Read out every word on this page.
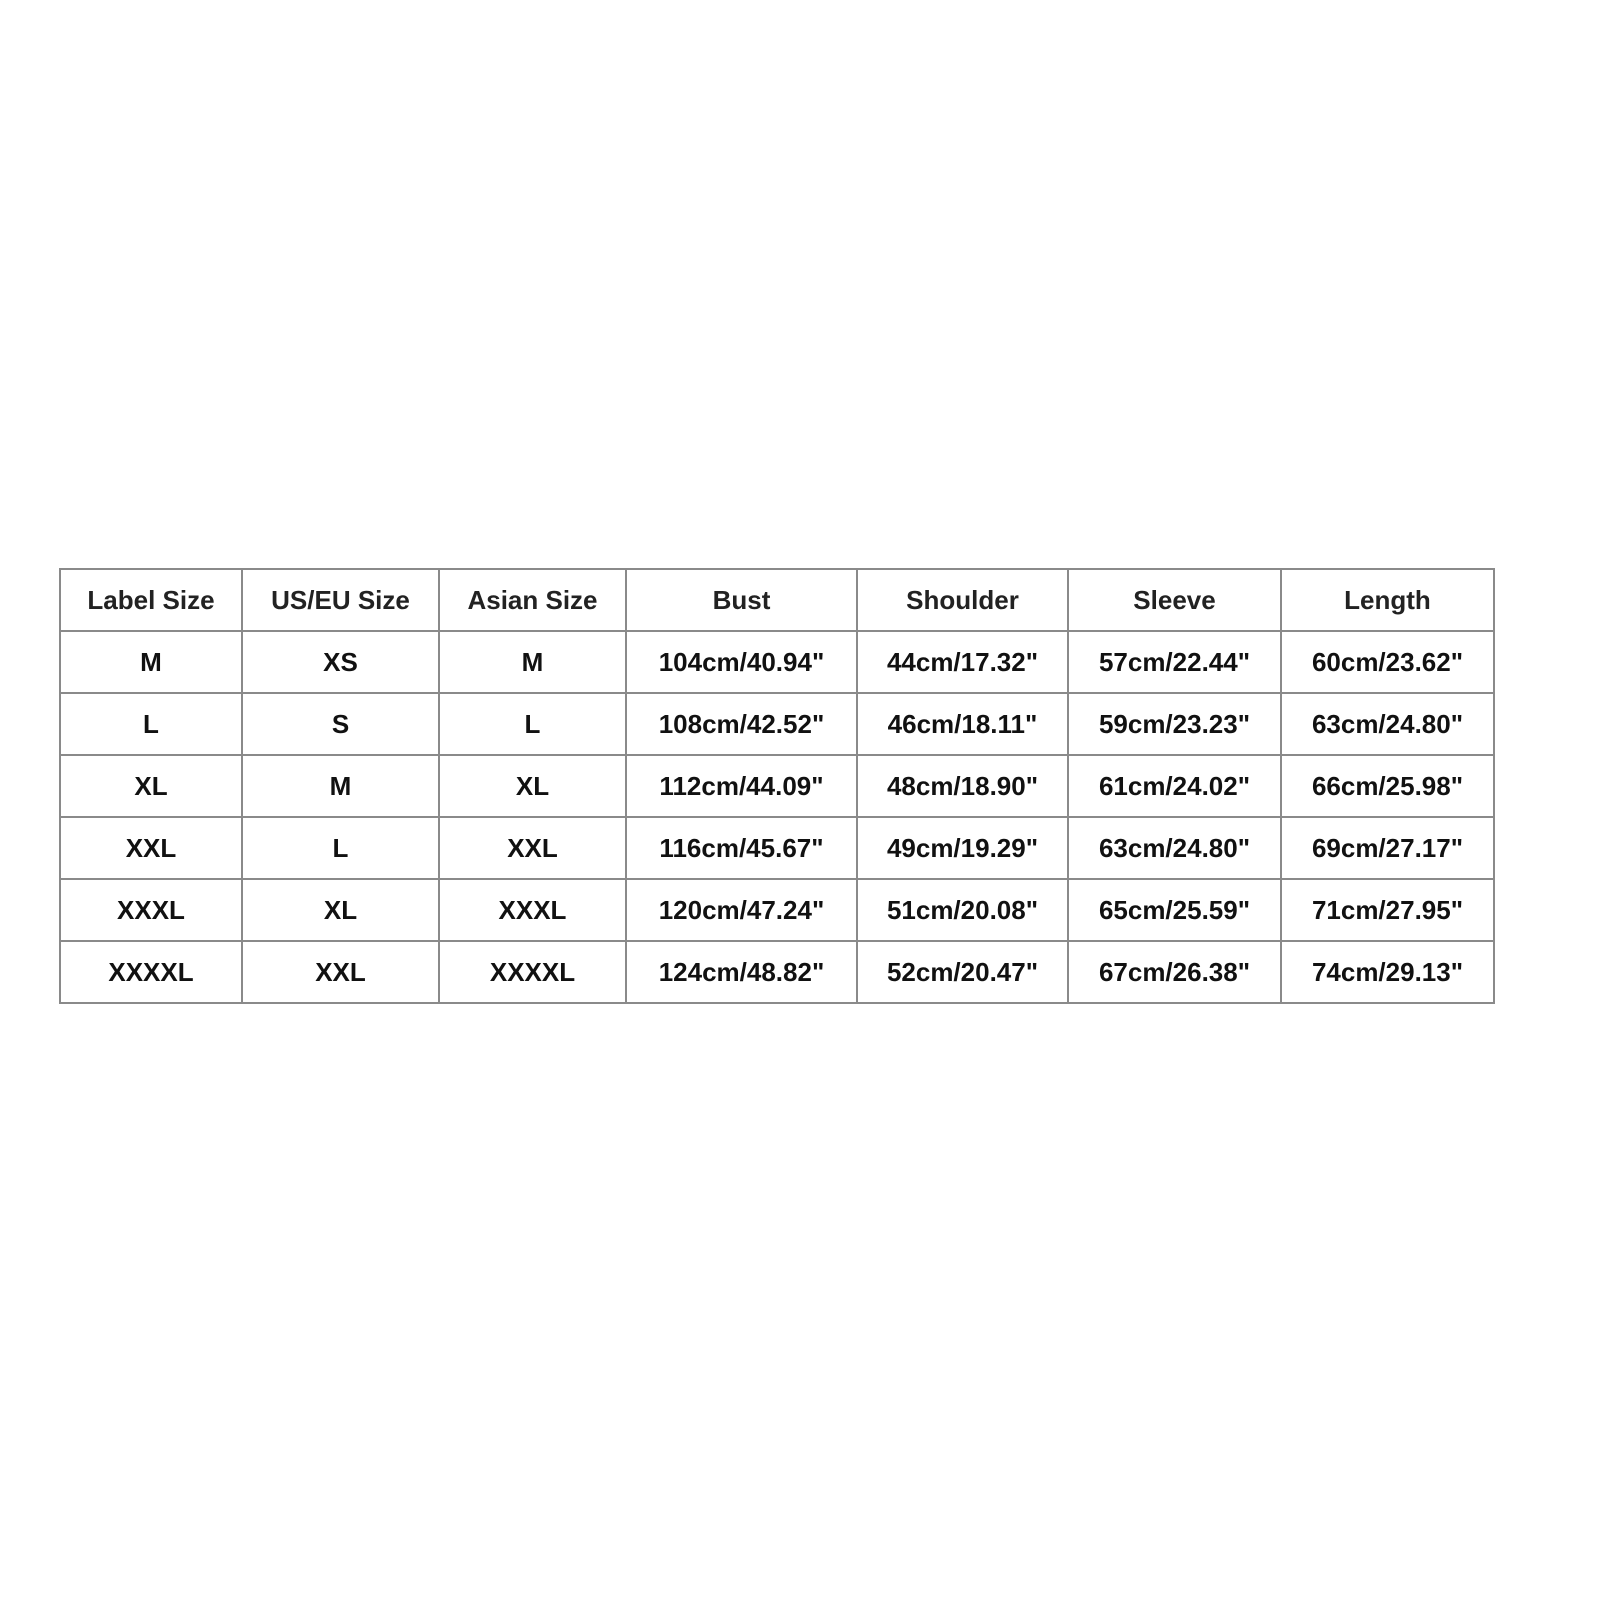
Label Size	US/EU Size	Asian Size	Bust	Shoulder	Sleeve	Length
M	XS	M	104cm/40.94"	44cm/17.32"	57cm/22.44"	60cm/23.62"
L	S	L	108cm/42.52"	46cm/18.11"	59cm/23.23"	63cm/24.80"
XL	M	XL	112cm/44.09"	48cm/18.90"	61cm/24.02"	66cm/25.98"
XXL	L	XXL	116cm/45.67"	49cm/19.29"	63cm/24.80"	69cm/27.17"
XXXL	XL	XXXL	120cm/47.24"	51cm/20.08"	65cm/25.59"	71cm/27.95"
XXXXL	XXL	XXXXL	124cm/48.82"	52cm/20.47"	67cm/26.38"	74cm/29.13"
